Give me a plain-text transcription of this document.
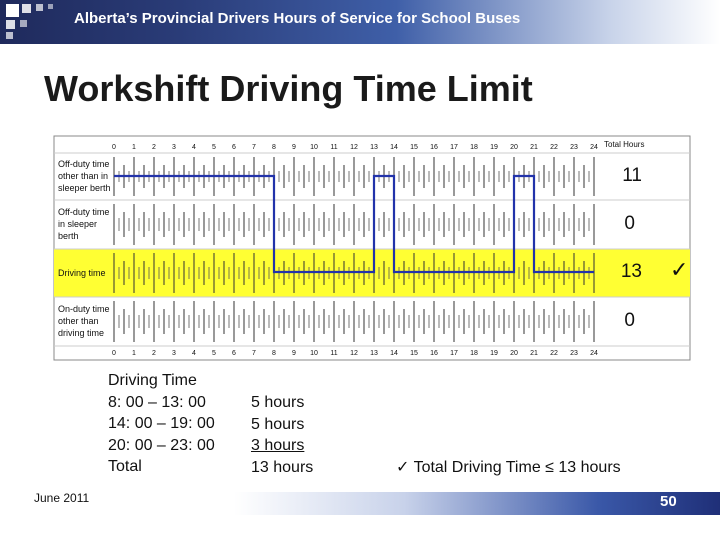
Alberta’s Provincial Drivers Hours of Service for School Buses
Workshift Driving Time Limit
0
0
1
1
2
2
3
3
4
4
5
5
6
6
7
7
8
8
9
9
10
10
11
11
12
12
13
13
14
14
15
15
16
16
17
17
18
18
19
19
20
20
21
21
22
22
23
23
24
24
Total Hours
Off-duty time
other than in
sleeper berth
Off-duty time
in sleeper
berth
Driving time
On-duty time
other than
driving time
11
0
13
0
✓
Driving Time
8: 00 – 13: 00
14: 00 – 19: 00
20: 00 – 23: 00
Total
5 hours
5 hours
3 hours
13 hours	✓ Total Driving Time ≤ 13 hours
June 2011	50
